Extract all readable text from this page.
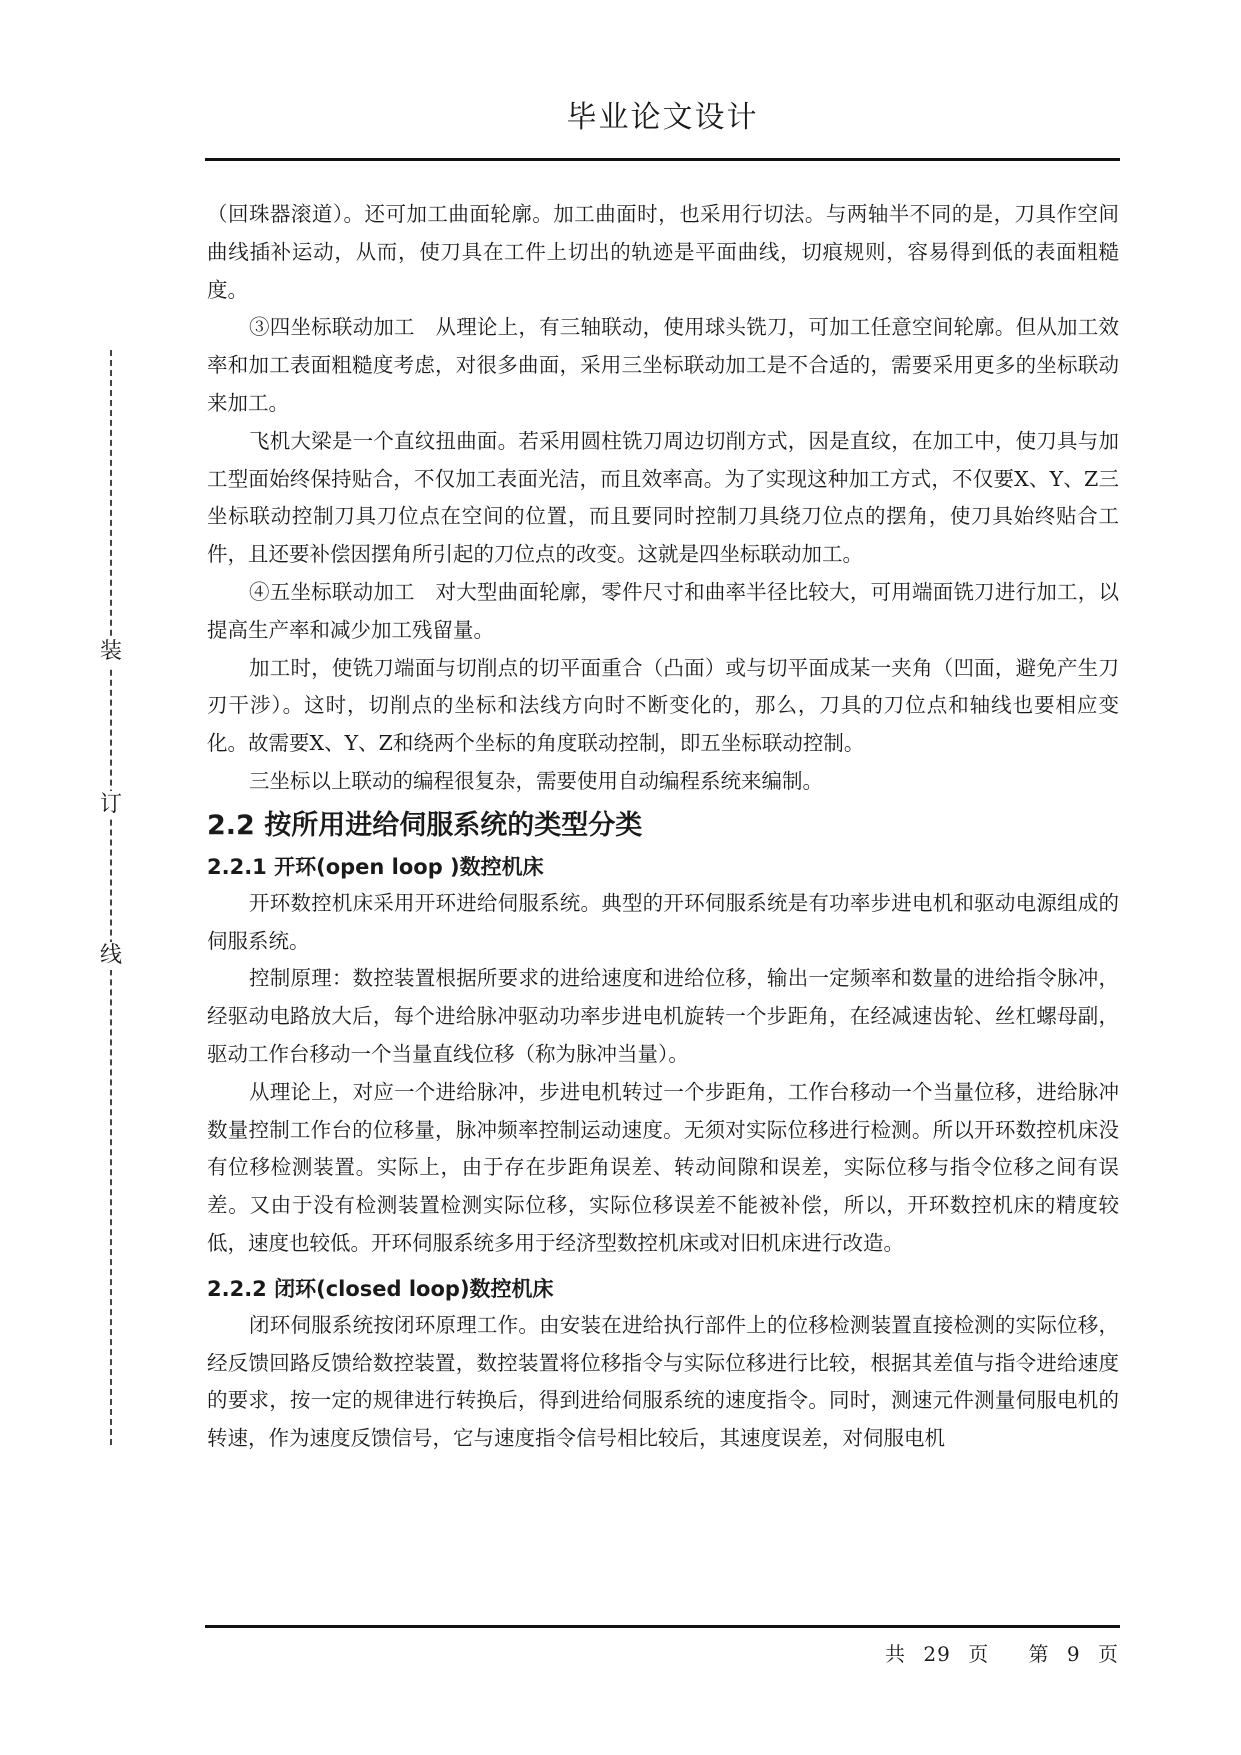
毕业论文设计
装
订
线

（回珠器滚道）。还可加工曲面轮廓。加工曲面时，也采用行切法。与两轴半不同的是，刀具作空间曲线插补运动，从而，使刀具在工件上切出的轨迹是平面曲线，切痕规则，容易得到低的表面粗糙度。

③四坐标联动加工　从理论上，有三轴联动，使用球头铣刀，可加工任意空间轮廓。但从加工效率和加工表面粗糙度考虑，对很多曲面，采用三坐标联动加工是不合适的，需要采用更多的坐标联动来加工。

飞机大梁是一个直纹扭曲面。若采用圆柱铣刀周边切削方式，因是直纹，在加工中，使刀具与加工型面始终保持贴合，不仅加工表面光洁，而且效率高。为了实现这种加工方式，不仅要X、Y、Z三坐标联动控制刀具刀位点在空间的位置，而且要同时控制刀具绕刀位点的摆角，使刀具始终贴合工件，且还要补偿因摆角所引起的刀位点的改变。这就是四坐标联动加工。

④五坐标联动加工　对大型曲面轮廓，零件尺寸和曲率半径比较大，可用端面铣刀进行加工，以提高生产率和减少加工残留量。

加工时，使铣刀端面与切削点的切平面重合（凸面）或与切平面成某一夹角（凹面，避免产生刀刃干涉）。这时，切削点的坐标和法线方向时不断变化的，那么，刀具的刀位点和轴线也要相应变化。故需要X、Y、Z和绕两个坐标的角度联动控制，即五坐标联动控制。

三坐标以上联动的编程很复杂，需要使用自动编程系统来编制。

2.2 按所用进给伺服系统的类型分类
2.2.1 开环(open loop )数控机床

开环数控机床采用开环进给伺服系统。典型的开环伺服系统是有功率步进电机和驱动电源组成的伺服系统。

控制原理：数控装置根据所要求的进给速度和进给位移，输出一定频率和数量的进给指令脉冲，经驱动电路放大后，每个进给脉冲驱动功率步进电机旋转一个步距角，在经减速齿轮、丝杠螺母副，驱动工作台移动一个当量直线位移（称为脉冲当量）。

从理论上，对应一个进给脉冲，步进电机转过一个步距角，工作台移动一个当量位移，进给脉冲数量控制工作台的位移量，脉冲频率控制运动速度。无须对实际位移进行检测。所以开环数控机床没有位移检测装置。实际上，由于存在步距角误差、转动间隙和误差，实际位移与指令位移之间有误差。又由于没有检测装置检测实际位移，实际位移误差不能被补偿，所以，开环数控机床的精度较低，速度也较低。开环伺服系统多用于经济型数控机床或对旧机床进行改造。

2.2.2 闭环(closed loop)数控机床

闭环伺服系统按闭环原理工作。由安装在进给执行部件上的位移检测装置直接检测的实际位移，经反馈回路反馈给数控装置，数控装置将位移指令与实际位移进行比较，根据其差值与指令进给速度的要求，按一定的规律进行转换后，得到进给伺服系统的速度指令。同时，测速元件测量伺服电机的转速，作为速度反馈信号，它与速度指令信号相比较后，其速度误差，对伺服电机

共 29 页 第 9 页
